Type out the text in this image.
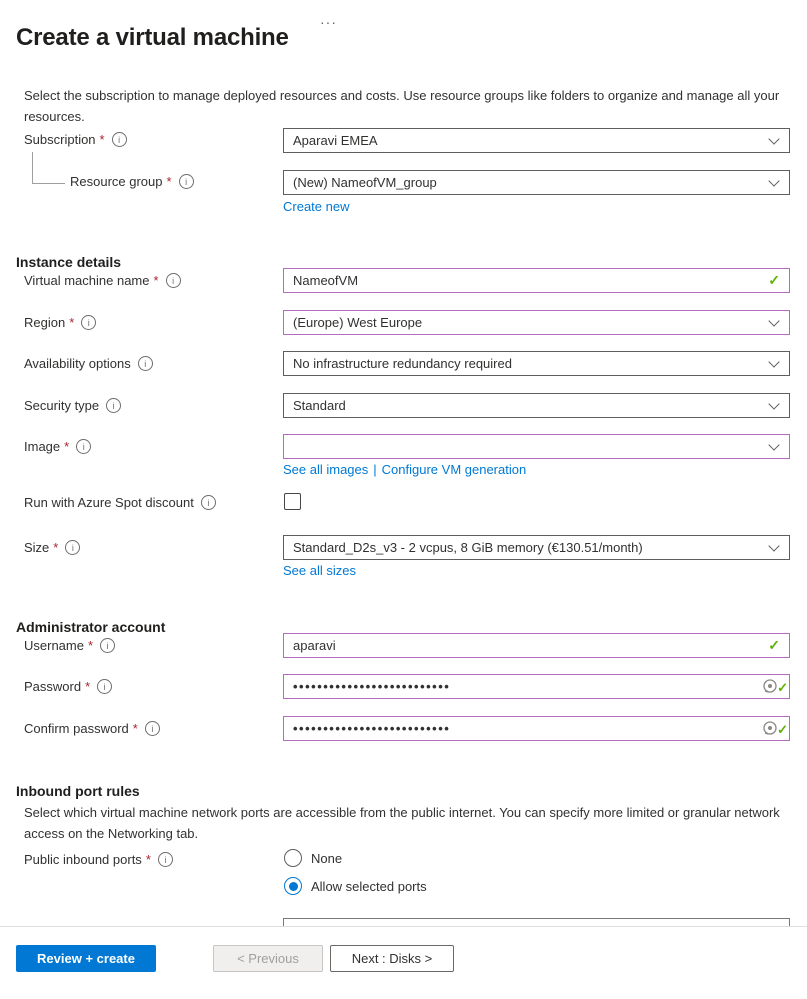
Create a virtual machine
···

Select the subscription to manage deployed resources and costs. Use resource groups like folders to organize and manage all your resources.

Subscription *	i	Aparavi EMEA
Resource group *	i	(New) NameofVM_group
Create new
Instance details
Virtual machine name *	i	NameofVM	✓
Region *	i	(Europe) West Europe
Availability options	i	No infrastructure redundancy required
Security type	i	Standard
Image *	i
See all images | Configure VM generation
Run with Azure Spot discount	i
Size *	i	Standard_D2s_v3 - 2 vcpus, 8 GiB memory (€130.51/month)
See all sizes
Administrator account
Username *	i	aparavi	✓
Password *	i	••••••••••••••••••••••••••	✓
Confirm password *	i	••••••••••••••••••••••••••	✓
Inbound port rules

Select which virtual machine network ports are accessible from the public internet. You can specify more limited or granular network access on the Networking tab.

Public inbound ports *	i	None
Allow selected ports
Review + create	< Previous	Next : Disks >
